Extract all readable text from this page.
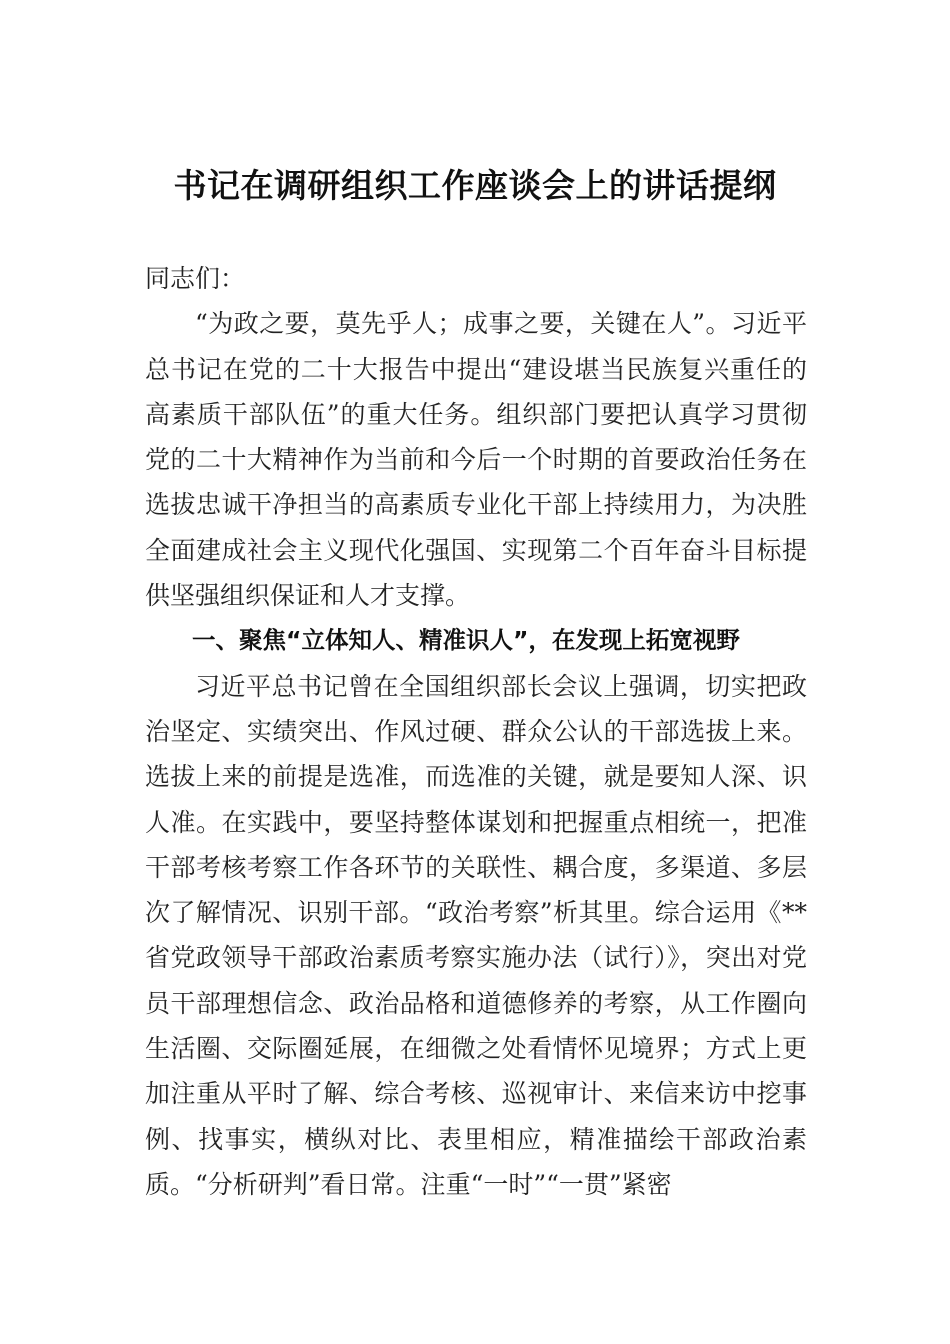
书记在调研组织工作座谈会上的讲话提纲

同志们：

“为政之要，莫先乎人；成事之要，关键在人”。习近平总书记在党的二十大报告中提出“建设堪当民族复兴重任的高素质干部队伍”的重大任务。组织部门要把认真学习贯彻党的二十大精神作为当前和今后一个时期的首要政治任务在选拔忠诚干净担当的高素质专业化干部上持续用力，为决胜全面建成社会主义现代化强国、实现第二个百年奋斗目标提供坚强组织保证和人才支撑。

一、聚焦“立体知人、精准识人”，在发现上拓宽视野

习近平总书记曾在全国组织部长会议上强调，切实把政治坚定、实绩突出、作风过硬、群众公认的干部选拔上来。选拔上来的前提是选准，而选准的关键，就是要知人深、识人准。在实践中，要坚持整体谋划和把握重点相统一，把准干部考核考察工作各环节的关联性、耦合度，多渠道、多层次了解情况、识别干部。“政治考察”析其里。综合运用《**省党政领导干部政治素质考察实施办法（试行）》，突出对党员干部理想信念、政治品格和道德修养的考察，从工作圈向生活圈、交际圈延展，在细微之处看情怀见境界；方式上更加注重从平时了解、综合考核、巡视审计、来信来访中挖事例、找事实，横纵对比、表里相应，精准描绘干部政治素质。“分析研判”看日常。注重“一时”“一贯”紧密
